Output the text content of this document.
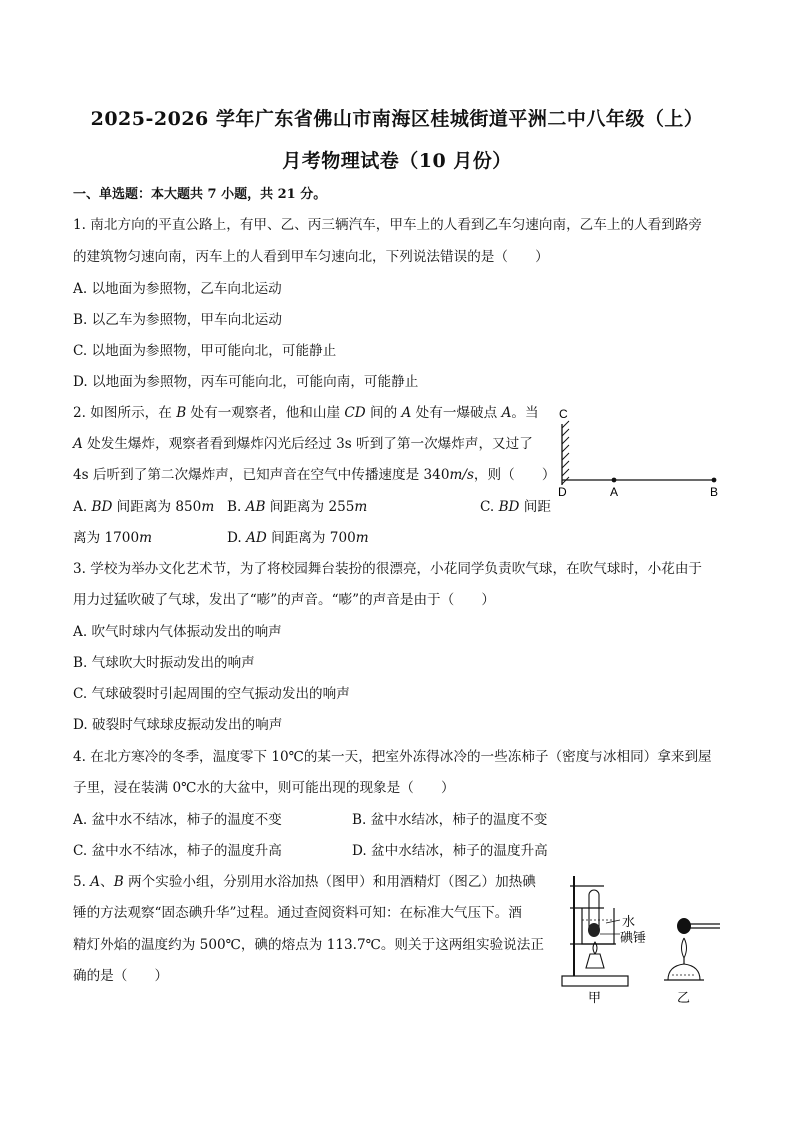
2025-2026 学年广东省佛山市南海区桂城街道平洲二中八年级（上）
月考物理试卷（10 月份）
一、单选题：本大题共 7 小题，共 21 分。
1. 南北方向的平直公路上，有甲、乙、丙三辆汽车，甲车上的人看到乙车匀速向南，乙车上的人看到路旁
的建筑物匀速向南，丙车上的人看到甲车匀速向北，下列说法错误的是（　　）
A. 以地面为参照物，乙车向北运动
B. 以乙车为参照物，甲车向北运动
C. 以地面为参照物，甲可能向北，可能静止
D. 以地面为参照物，丙车可能向北，可能向南，可能静止
2. 如图所示，在 B 处有一观察者，他和山崖 CD 间的 A 处有一爆破点 A。当
A 处发生爆炸，观察者看到爆炸闪光后经过 3s 听到了第一次爆炸声，又过了
4s 后听到了第二次爆炸声，已知声音在空气中传播速度是 340m/s，则（　　）
A. BD 间距离为 850m B. AB 间距离为 255m	C. BD 间距
离为 1700m	D. AD 间距离为 700m
C
D	A	B
3. 学校为举办文化艺术节，为了将校园舞台装扮的很漂亮，小花同学负责吹气球，在吹气球时，小花由于
用力过猛吹破了气球，发出了“嘭”的声音。“嘭”的声音是由于（　　）
A. 吹气时球内气体振动发出的响声
B. 气球吹大时振动发出的响声
C. 气球破裂时引起周围的空气振动发出的响声
D. 破裂时气球球皮振动发出的响声
4. 在北方寒冷的冬季，温度零下 10℃的某一天，把室外冻得冰冷的一些冻柿子（密度与冰相同）拿来到屋
子里，浸在装满 0℃水的大盆中，则可能出现的现象是（　　）
A. 盆中水不结冰，柿子的温度不变	B. 盆中水结冰，柿子的温度不变
C. 盆中水不结冰，柿子的温度升高	D. 盆中水结冰，柿子的温度升高
5. A、B 两个实验小组，分别用水浴加热（图甲）和用酒精灯（图乙）加热碘
锤的方法观察“固态碘升华”过程。通过查阅资料可知：在标准大气压下。酒
精灯外焰的温度约为 500℃，碘的熔点为 113.7℃。则关于这两组实验说法正
确的是（　　）
水
碘锤
甲	乙
